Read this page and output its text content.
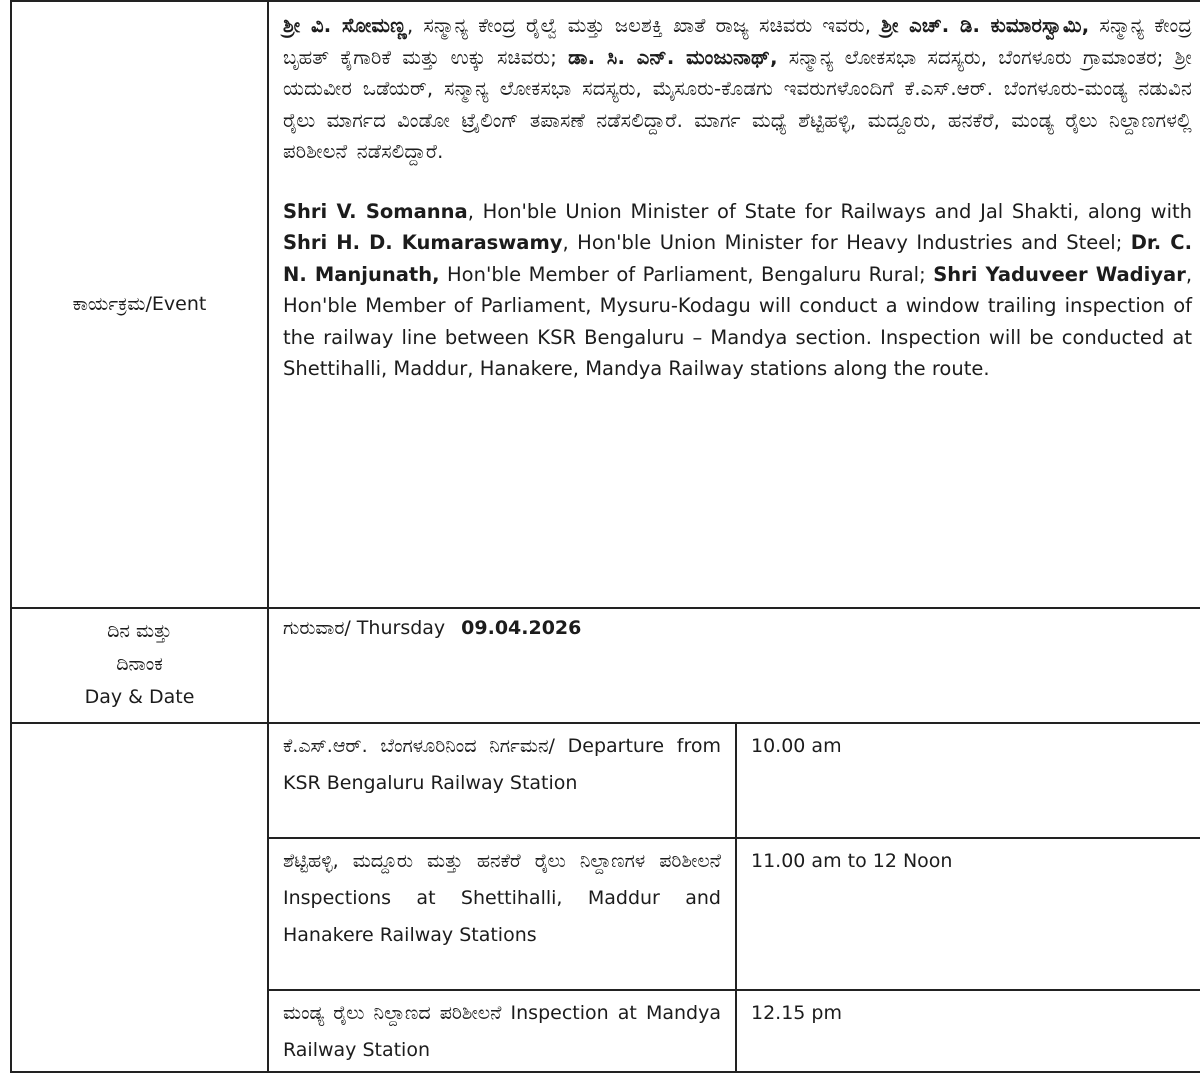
ಕಾರ್ಯಕ್ರಮ/Event	ಶ್ರೀ ವಿ. ಸೋಮಣ್ಣ, ಸನ್ಮಾನ್ಯ ಕೇಂದ್ರ ರೈಲ್ವೆ ಮತ್ತು ಜಲಶಕ್ತಿ ಖಾತೆ ರಾಜ್ಯ ಸಚಿವರು ಇವರು, ಶ್ರೀ ಎಚ್. ಡಿ. ಕುಮಾರಸ್ವಾಮಿ, ಸನ್ಮಾನ್ಯ ಕೇಂದ್ರ ಬೃಹತ್ ಕೈಗಾರಿಕೆ ಮತ್ತು ಉಕ್ಕು ಸಚಿವರು; ಡಾ. ಸಿ. ಎನ್. ಮಂಜುನಾಥ್, ಸನ್ಮಾನ್ಯ ಲೋಕಸಭಾ ಸದಸ್ಯರು, ಬೆಂಗಳೂರು ಗ್ರಾಮಾಂತರ; ಶ್ರೀ ಯದುವೀರ ಒಡೆಯರ್, ಸನ್ಮಾನ್ಯ ಲೋಕಸಭಾ ಸದಸ್ಯರು, ಮೈಸೂರು-ಕೊಡಗು ಇವರುಗಳೊಂದಿಗೆ ಕೆ.ಎಸ್.ಆರ್. ಬೆಂಗಳೂರು-ಮಂಡ್ಯ ನಡುವಿನ ರೈಲು ಮಾರ್ಗದ ವಿಂಡೋ ಟ್ರೈಲಿಂಗ್ ತಪಾಸಣೆ ನಡೆಸಲಿದ್ದಾರೆ. ಮಾರ್ಗ ಮಧ್ಯೆ ಶೆಟ್ಟಿಹಳ್ಳಿ, ಮದ್ದೂರು, ಹನಕೆರೆ, ಮಂಡ್ಯ ರೈಲು ನಿಲ್ದಾಣಗಳಲ್ಲಿ ಪರಿಶೀಲನೆ ನಡೆಸಲಿದ್ದಾರೆ.
Shri V. Somanna, Hon'ble Union Minister of State for Railways and Jal Shakti, along with Shri H. D. Kumaraswamy, Hon'ble Union Minister for Heavy Industries and Steel; Dr. C. N. Manjunath, Hon'ble Member of Parliament, Bengaluru Rural; Shri Yaduveer Wadiyar, Hon'ble Member of Parliament, Mysuru-Kodagu will conduct a window trailing inspection of the railway line between KSR Bengaluru – Mandya section. Inspection will be conducted at Shettihalli, Maddur, Hanakere, Mandya Railway stations along the route.	

ದಿನ ಮತ್ತು
ದಿನಾಂಕ
Day & Date	ಗುರುವಾರ/ Thursday 09.04.2026	

	ಕೆ.ಎಸ್.ಆರ್. ಬೆಂಗಳೂರಿನಿಂದ ನಿರ್ಗಮನ/ Departure from KSR Bengaluru Railway Station	10.00 am

	ಶೆಟ್ಟಿಹಳ್ಳಿ, ಮದ್ದೂರು ಮತ್ತು ಹನಕೆರೆ ರೈಲು ನಿಲ್ದಾಣಗಳ ಪರಿಶೀಲನೆ Inspections at Shettihalli, Maddur and Hanakere Railway Stations	11.00 am to 12 Noon

	ಮಂಡ್ಯ ರೈಲು ನಿಲ್ದಾಣದ ಪರಿಶೀಲನೆ Inspection at Mandya Railway Station	12.15 pm
